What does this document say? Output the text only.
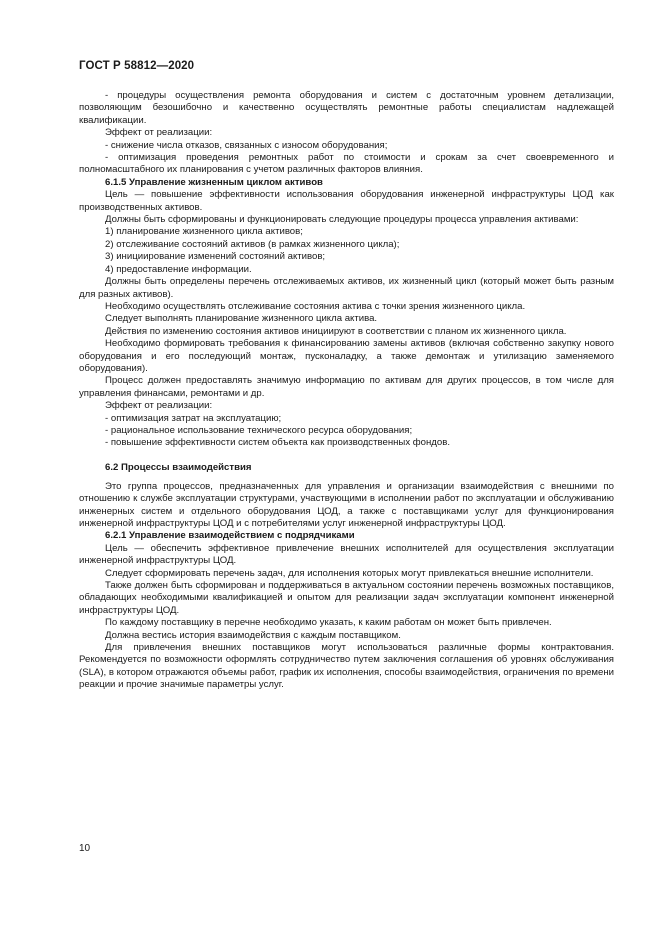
ГОСТ Р 58812—2020

- процедуры осуществления ремонта оборудования и систем с достаточным уровнем детализации, позволяющим безошибочно и качественно осуществлять ремонтные работы специалистам надлежащей квалификации.

Эффект от реализации:

- снижение числа отказов, связанных с износом оборудования;

- оптимизация проведения ремонтных работ по стоимости и срокам за счет своевременного и полномасштабного их планирования с учетом различных факторов влияния.

6.1.5 Управление жизненным циклом активов

Цель — повышение эффективности использования оборудования инженерной инфраструктуры ЦОД как производственных активов.

Должны быть сформированы и функционировать следующие процедуры процесса управления активами:

1) планирование жизненного цикла активов;

2) отслеживание состояний активов (в рамках жизненного цикла);

3) инициирование изменений состояний активов;

4) предоставление информации.

Должны быть определены перечень отслеживаемых активов, их жизненный цикл (который может быть разным для разных активов).

Необходимо осуществлять отслеживание состояния актива с точки зрения жизненного цикла.

Следует выполнять планирование жизненного цикла актива.

Действия по изменению состояния активов инициируют в соответствии с планом их жизненного цикла.

Необходимо формировать требования к финансированию замены активов (включая собственно закупку нового оборудования и его последующий монтаж, пусконаладку, а также демонтаж и утилизацию заменяемого оборудования).

Процесс должен предоставлять значимую информацию по активам для других процессов, в том числе для управления финансами, ремонтами и др.

Эффект от реализации:

- оптимизация затрат на эксплуатацию;

- рациональное использование технического ресурса оборудования;

- повышение эффективности систем объекта как производственных фондов.

6.2 Процессы взаимодействия

Это группа процессов, предназначенных для управления и организации взаимодействия с внешними по отношению к службе эксплуатации структурами, участвующими в исполнении работ по эксплуатации и обслуживанию инженерных систем и отдельного оборудования ЦОД, а также с поставщиками услуг для функционирования инженерной инфраструктуры ЦОД и с потребителями услуг инженерной инфраструктуры ЦОД.

6.2.1 Управление взаимодействием с подрядчиками

Цель — обеспечить эффективное привлечение внешних исполнителей для осуществления эксплуатации инженерной инфраструктуры ЦОД.

Следует сформировать перечень задач, для исполнения которых могут привлекаться внешние исполнители.

Также должен быть сформирован и поддерживаться в актуальном состоянии перечень возможных поставщиков, обладающих необходимыми квалификацией и опытом для реализации задач эксплуатации компонент инженерной инфраструктуры ЦОД.

По каждому поставщику в перечне необходимо указать, к каким работам он может быть привлечен.

Должна вестись история взаимодействия с каждым поставщиком.

Для привлечения внешних поставщиков могут использоваться различные формы контрактования. Рекомендуется по возможности оформлять сотрудничество путем заключения соглашения об уровнях обслуживания (SLA), в котором отражаются объемы работ, график их исполнения, способы взаимодействия, ограничения по времени реакции и прочие значимые параметры услуг.

10
